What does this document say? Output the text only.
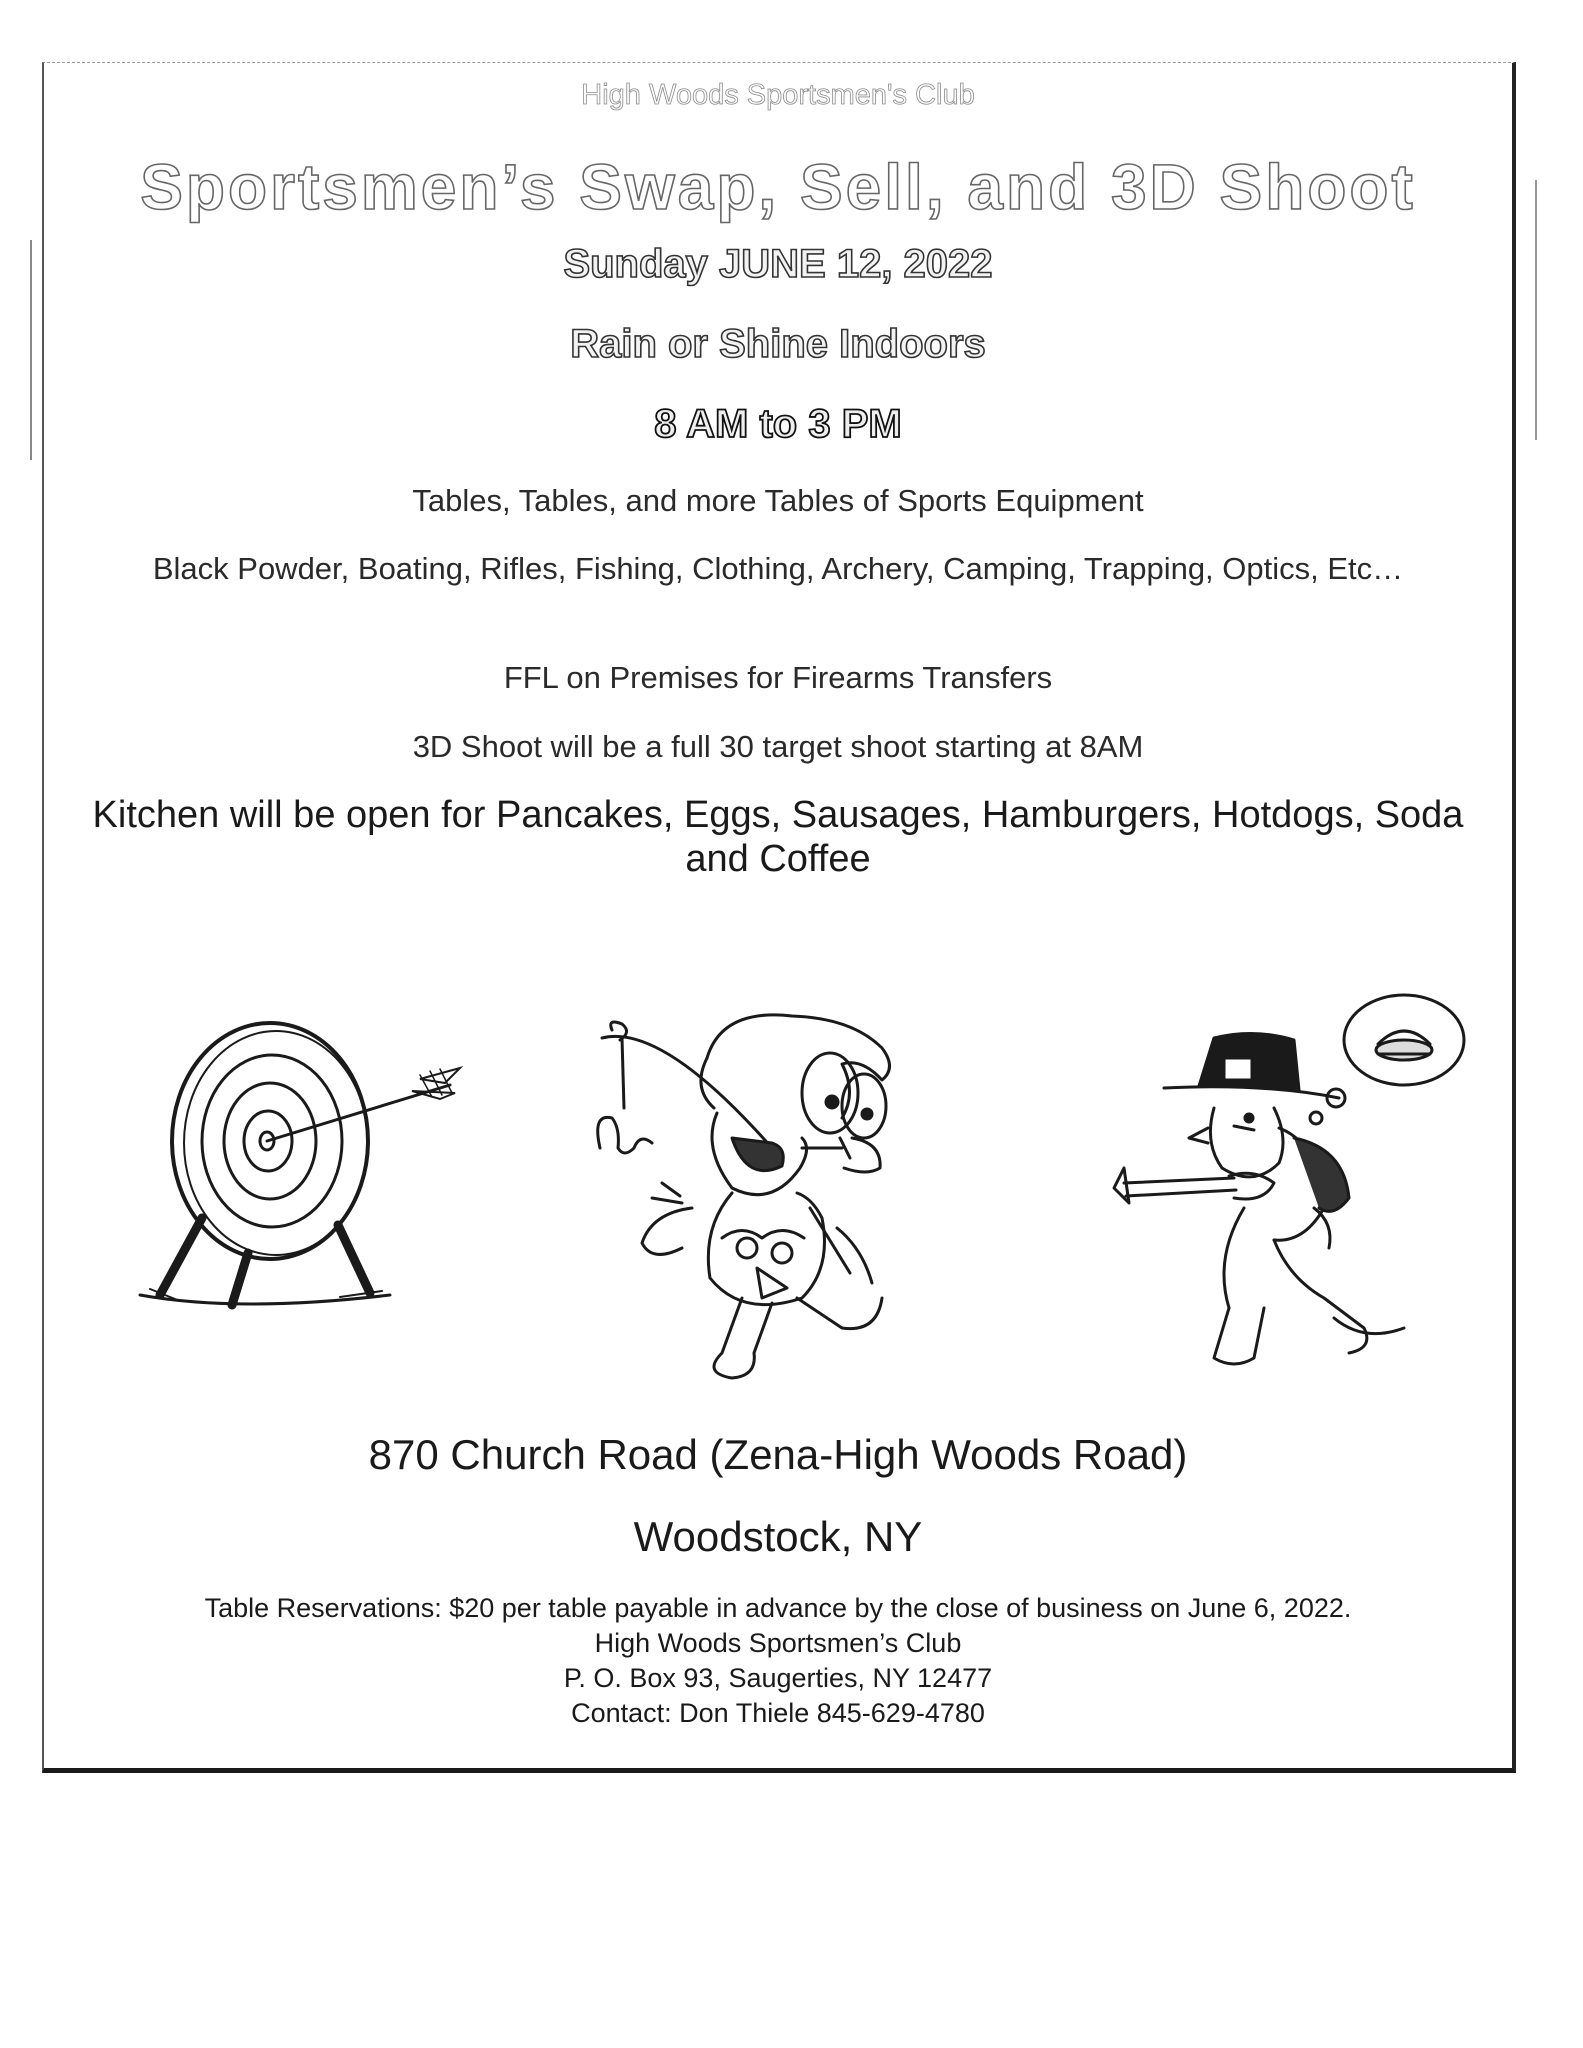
High Woods Sportsmen's Club

Sportsmen’s Swap, Sell, and 3D Shoot

Sunday JUNE 12, 2022

Rain or Shine Indoors

8 AM to 3 PM

Tables, Tables, and more Tables of Sports Equipment

Black Powder, Boating, Rifles, Fishing, Clothing, Archery, Camping, Trapping, Optics, Etc…

FFL on Premises for Firearms Transfers

3D Shoot will be a full 30 target shoot starting at 8AM

Kitchen will be open for Pancakes, Eggs, Sausages, Hamburgers, Hotdogs, Soda and Coffee

870 Church Road (Zena-High Woods Road)

Woodstock, NY

Table Reservations: $20 per table payable in advance by the close of business on June 6, 2022.
High Woods Sportsmen’s Club
P. O. Box 93, Saugerties, NY 12477
Contact: Don Thiele 845-629-4780
